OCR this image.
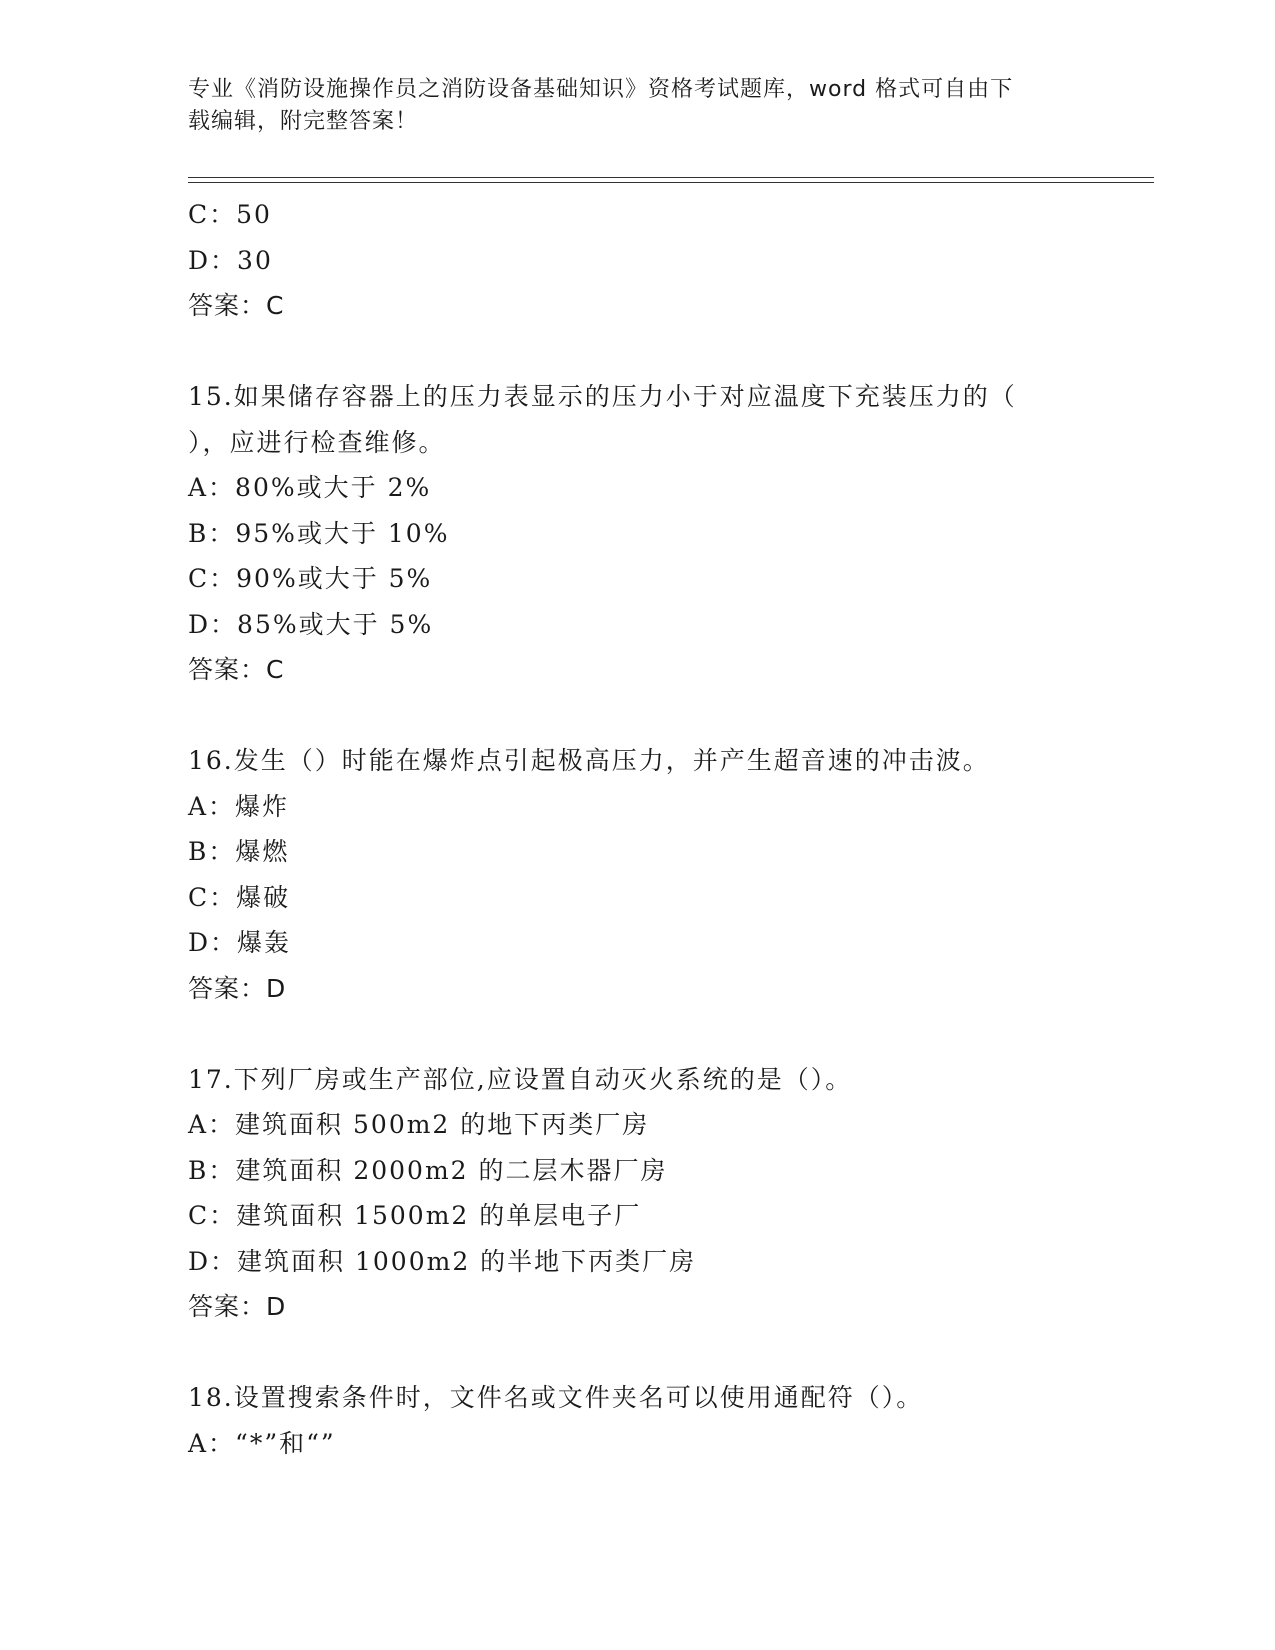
专业《消防设施操作员之消防设备基础知识》资格考试题库，word 格式可自由下
载编辑，附完整答案！
C：50
D：30
答案：C
15.如果储存容器上的压力表显示的压力小于对应温度下充装压力的（
），应进行检查维修。
A：80%或大于 2%
B：95%或大于 10%
C：90%或大于 5%
D：85%或大于 5%
答案：C
16.发生（）时能在爆炸点引起极高压力，并产生超音速的冲击波。
A：爆炸
B：爆燃
C：爆破
D：爆轰
答案：D
17.下列厂房或生产部位,应设置自动灭火系统的是（）。
A：建筑面积 500m2 的地下丙类厂房
B：建筑面积 2000m2 的二层木器厂房
C：建筑面积 1500m2 的单层电子厂
D：建筑面积 1000m2 的半地下丙类厂房
答案：D
18.设置搜索条件时，文件名或文件夹名可以使用通配符（）。
A：“*”和“”
